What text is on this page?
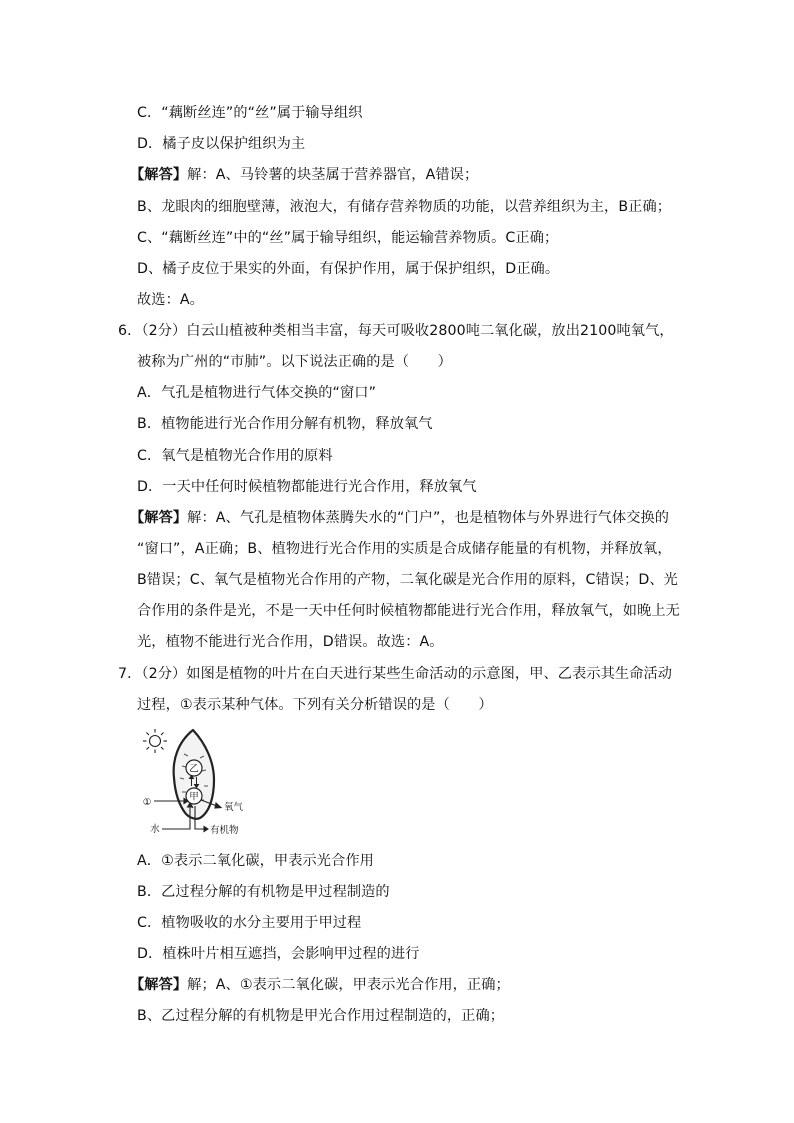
C．“藕断丝连”的“丝”属于输导组织
D．橘子皮以保护组织为主
【解答】解：A、马铃薯的块茎属于营养器官，A错误；
B、龙眼肉的细胞壁薄，液泡大，有储存营养物质的功能，以营养组织为主，B正确；
C、“藕断丝连”中的“丝”属于输导组织，能运输营养物质。C正确；
D、橘子皮位于果实的外面，有保护作用，属于保护组织，D正确。
故选：A。
6．（2分）白云山植被种类相当丰富，每天可吸收2800吨二氧化碳，放出2100吨氧气，
被称为广州的“市肺”。以下说法正确的是（　　）
A．气孔是植物进行气体交换的“窗口”
B．植物能进行光合作用分解有机物，释放氧气
C．氧气是植物光合作用的原料
D．一天中任何时候植物都能进行光合作用，释放氧气
【解答】解：A、气孔是植物体蒸腾失水的“门户”，也是植物体与外界进行气体交换的
“窗口”，A正确；B、植物进行光合作用的实质是合成储存能量的有机物，并释放氧，
B错误；C、氧气是植物光合作用的产物，二氧化碳是光合作用的原料，C错误；D、光
合作用的条件是光，不是一天中任何时候植物都能进行光合作用，释放氧气，如晚上无
光，植物不能进行光合作用，D错误。故选：A。
7．（2分）如图是植物的叶片在白天进行某些生命活动的示意图，甲、乙表示其生命活动
过程，①表示某种气体。下列有关分析错误的是（　　）
乙
甲
①	氧气
水	有机物
A．①表示二氧化碳，甲表示光合作用
B．乙过程分解的有机物是甲过程制造的
C．植物吸收的水分主要用于甲过程
D．植株叶片相互遮挡，会影响甲过程的进行
【解答】解；A、①表示二氧化碳，甲表示光合作用，正确；
B、乙过程分解的有机物是甲光合作用过程制造的，正确；
